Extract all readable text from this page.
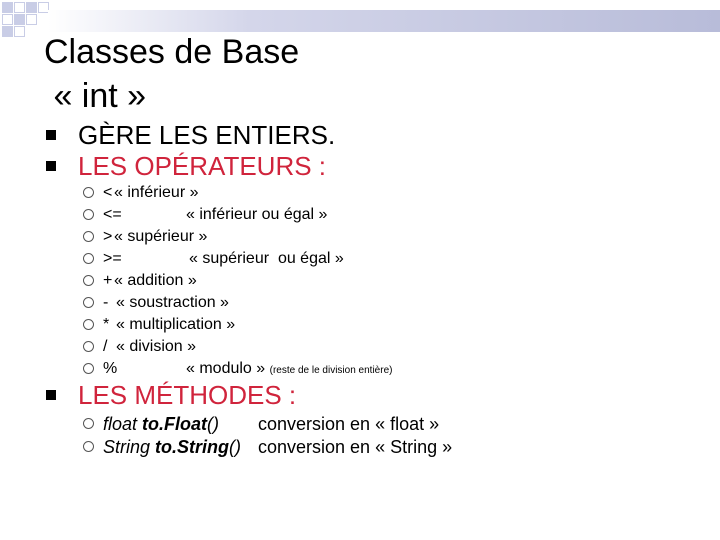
Classes de Base
« int »
GÈRE LES ENTIERS.
LES OPÉRATEURS :
< « inférieur »
<=	« inférieur ou égal »
> « supérieur »
>=	« supérieur  ou égal »
+ « addition »
- « soustraction »
* « multiplication »
/ « division »
%	« modulo » (reste de le division entière)
LES MÉTHODES :
float to.Float() conversion en « float »
String to.String() conversion en « String »
